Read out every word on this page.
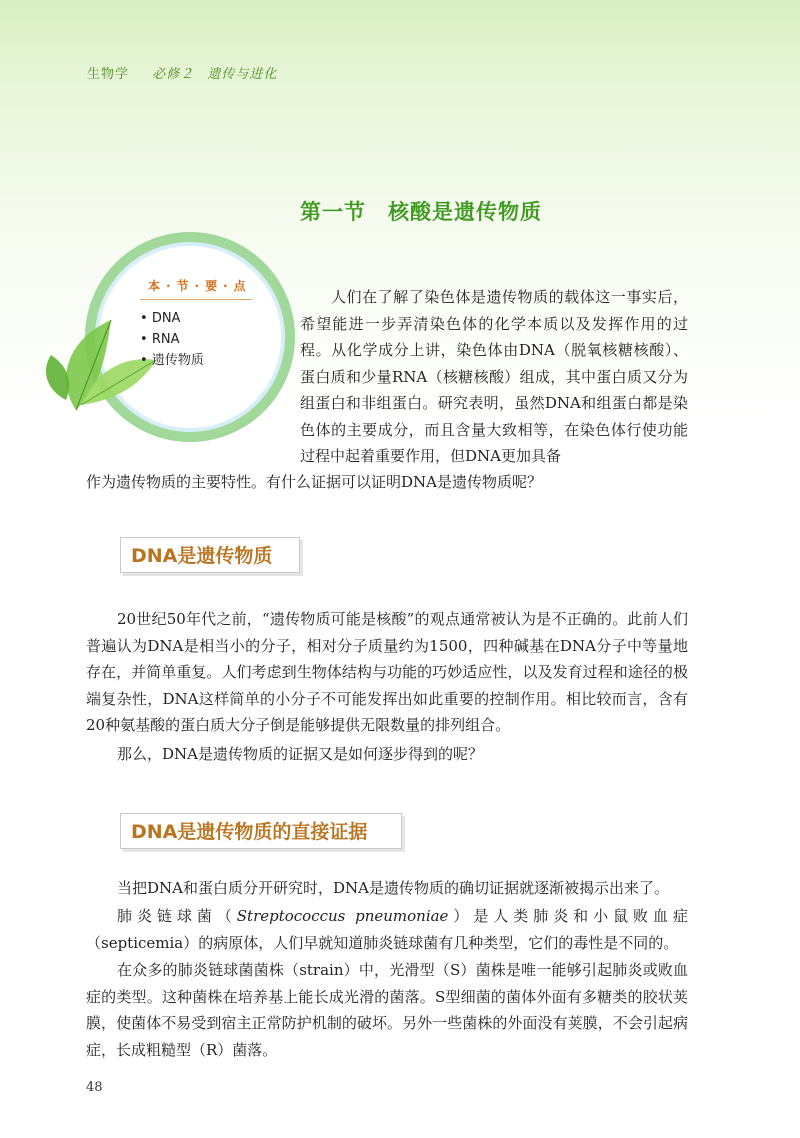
生物学 必修２ 遗传与进化
第一节　核酸是遗传物质
本·节·要·点
• DNA
• RNA
• 遗传物质
人们在了解了染色体是遗传物质的载体这一事实后，希望能进一步弄清染色体的化学本质以及发挥作用的过程。从化学成分上讲，染色体由DNA（脱氧核糖核酸）、蛋白质和少量RNA（核糖核酸）组成，其中蛋白质又分为组蛋白和非组蛋白。研究表明，虽然DNA和组蛋白都是染色体的主要成分，而且含量大致相等，在染色体行使功能过程中起着重要作用，但DNA更加具备
作为遗传物质的主要特性。有什么证据可以证明DNA是遗传物质呢？
DNA是遗传物质
20世纪50年代之前，“遗传物质可能是核酸”的观点通常被认为是不正确的。此前人们普遍认为DNA是相当小的分子，相对分子质量约为1500，四种碱基在DNA分子中等量地存在，并简单重复。人们考虑到生物体结构与功能的巧妙适应性，以及发育过程和途径的极端复杂性，DNA这样简单的小分子不可能发挥出如此重要的控制作用。相比较而言，含有20种氨基酸的蛋白质大分子倒是能够提供无限数量的排列组合。
那么，DNA是遗传物质的证据又是如何逐步得到的呢？
DNA是遗传物质的直接证据
当把DNA和蛋白质分开研究时，DNA是遗传物质的确切证据就逐渐被揭示出来了。
肺炎链球菌（Streptococcus pneumoniae）是人类肺炎和小鼠败血症（septicemia）的病原体，人们早就知道肺炎链球菌有几种类型，它们的毒性是不同的。
在众多的肺炎链球菌菌株（strain）中，光滑型（S）菌株是唯一能够引起肺炎或败血症的类型。这种菌株在培养基上能长成光滑的菌落。S型细菌的菌体外面有多糖类的胶状荚膜，使菌体不易受到宿主正常防护机制的破坏。另外一些菌株的外面没有荚膜，不会引起病症，长成粗糙型（R）菌落。
48
